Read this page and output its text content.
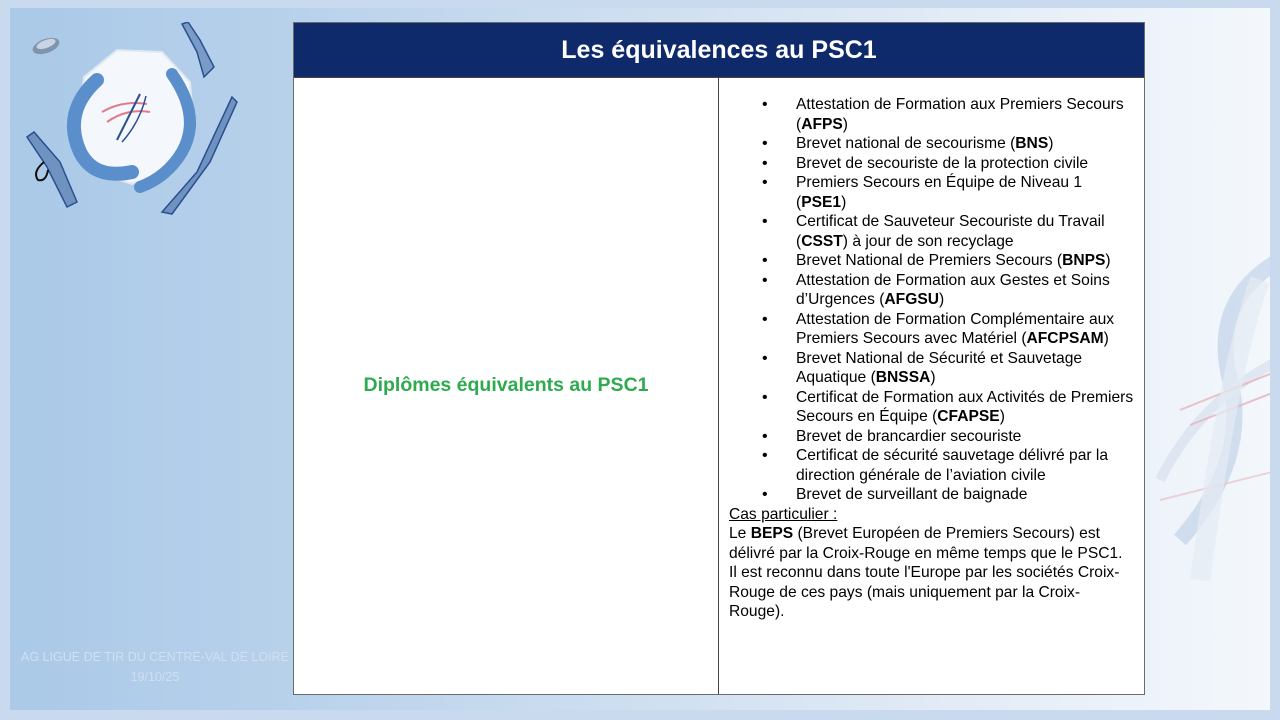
AG LIGUE DE TIR DU CENTRE-VAL DE LOIRE
19/10/25
Les équivalences au PSC1
Diplômes équivalents au PSC1
• Attestation de Formation aux Premiers Secours (AFPS)
• Brevet national de secourisme (BNS)
• Brevet de secouriste de la protection civile
• Premiers Secours en Équipe de Niveau 1 (PSE1)
• Certificat de Sauveteur Secouriste du Travail (CSST) à jour de son recyclage
• Brevet National de Premiers Secours (BNPS)
• Attestation de Formation aux Gestes et Soins d’Urgences (AFGSU)
• Attestation de Formation Complémentaire aux Premiers Secours avec Matériel (AFCPSAM)
• Brevet National de Sécurité et Sauvetage Aquatique (BNSSA)
• Certificat de Formation aux Activités de Premiers Secours en Équipe (CFAPSE)
• Brevet de brancardier secouriste
• Certificat de sécurité sauvetage délivré par la direction générale de l’aviation civile
• Brevet de surveillant de baignade
Cas particulier :
Le BEPS (Brevet Européen de Premiers Secours) est délivré par la Croix-Rouge en même temps que le PSC1. Il est reconnu dans toute l'Europe par les sociétés Croix-Rouge de ces pays (mais uniquement par la Croix-Rouge).
